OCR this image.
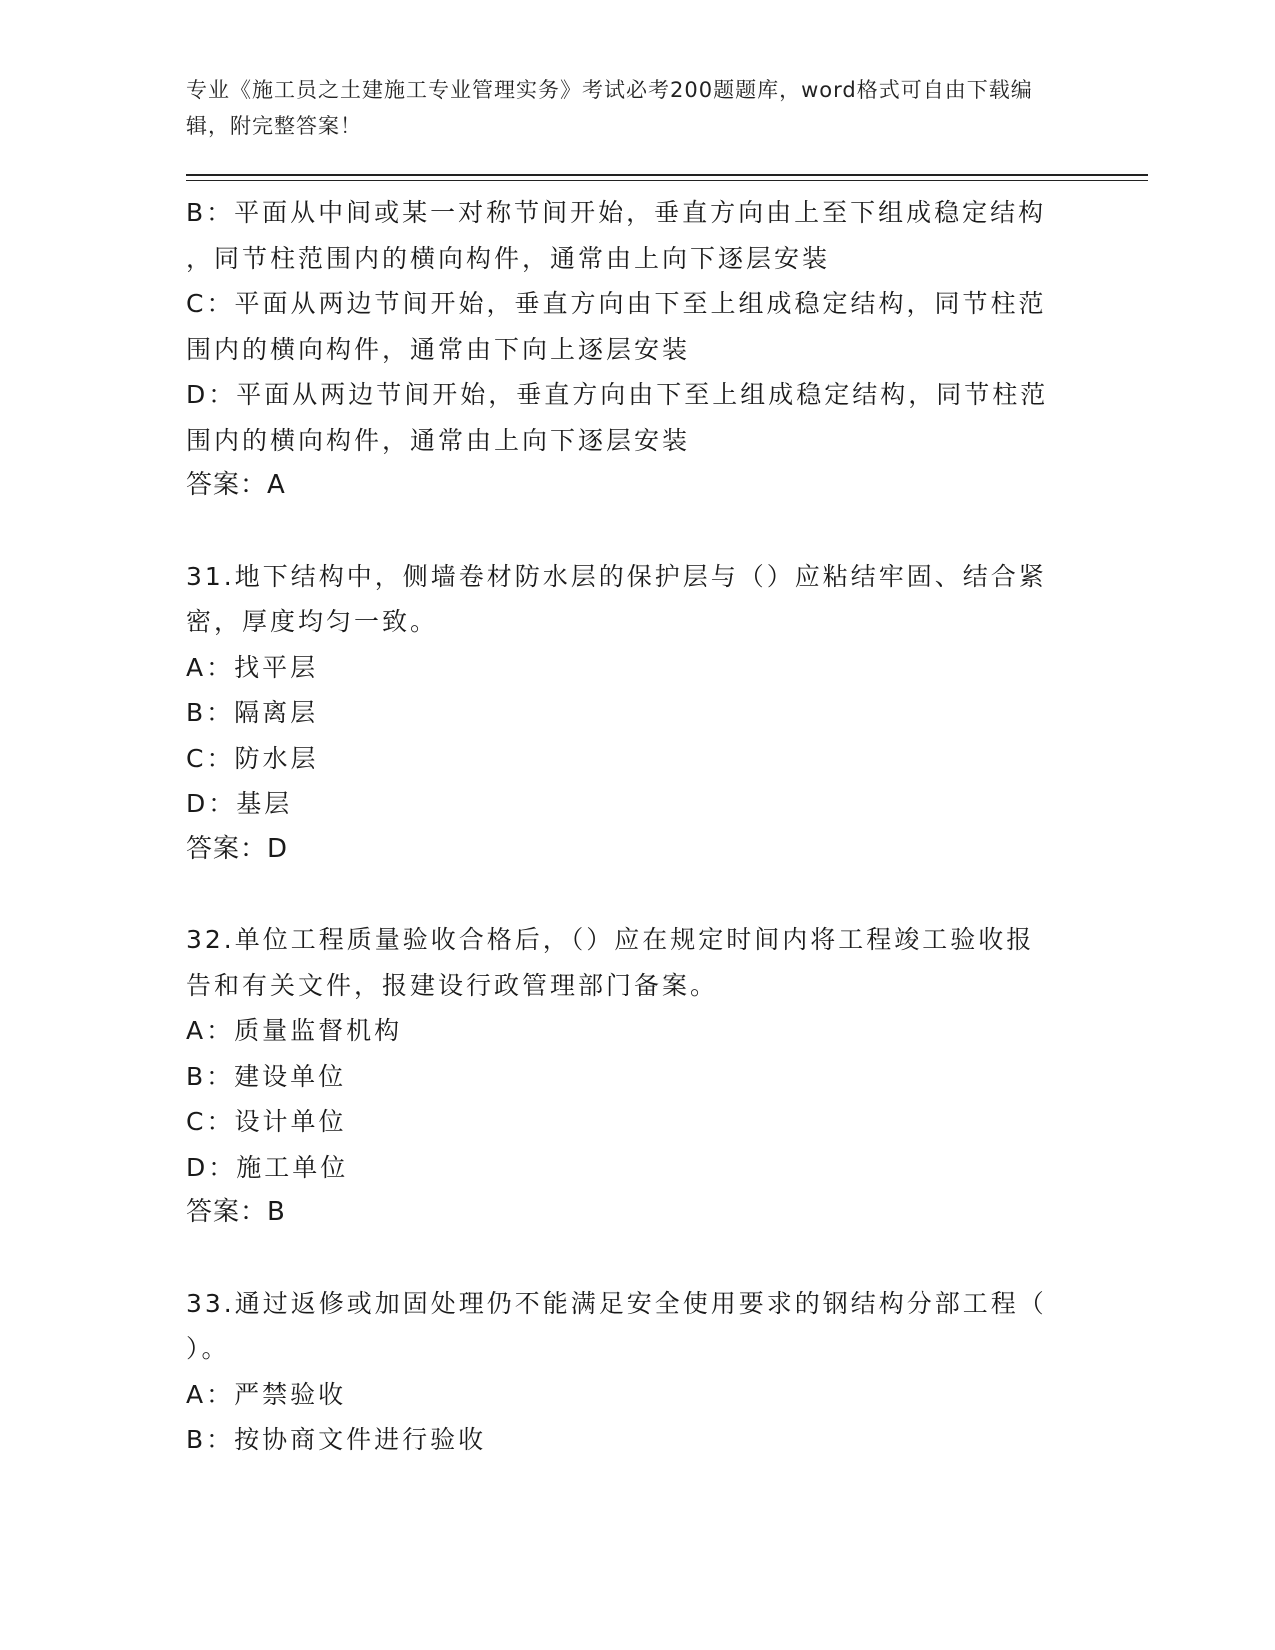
专业《施工员之土建施工专业管理实务》考试必考200题题库，word格式可自由下载编辑，附完整答案！
B：平面从中间或某一对称节间开始，垂直方向由上至下组成稳定结构
，同节柱范围内的横向构件，通常由上向下逐层安装
C：平面从两边节间开始，垂直方向由下至上组成稳定结构，同节柱范
围内的横向构件，通常由下向上逐层安装
D：平面从两边节间开始，垂直方向由下至上组成稳定结构，同节柱范
围内的横向构件，通常由上向下逐层安装
答案：A
31.地下结构中，侧墙卷材防水层的保护层与（）应粘结牢固、结合紧
密，厚度均匀一致。
A：找平层
B：隔离层
C：防水层
D：基层
答案：D
32.单位工程质量验收合格后，（）应在规定时间内将工程竣工验收报
告和有关文件，报建设行政管理部门备案。
A：质量监督机构
B：建设单位
C：设计单位
D：施工单位
答案：B
33.通过返修或加固处理仍不能满足安全使用要求的钢结构分部工程（
）。
A：严禁验收
B：按协商文件进行验收
